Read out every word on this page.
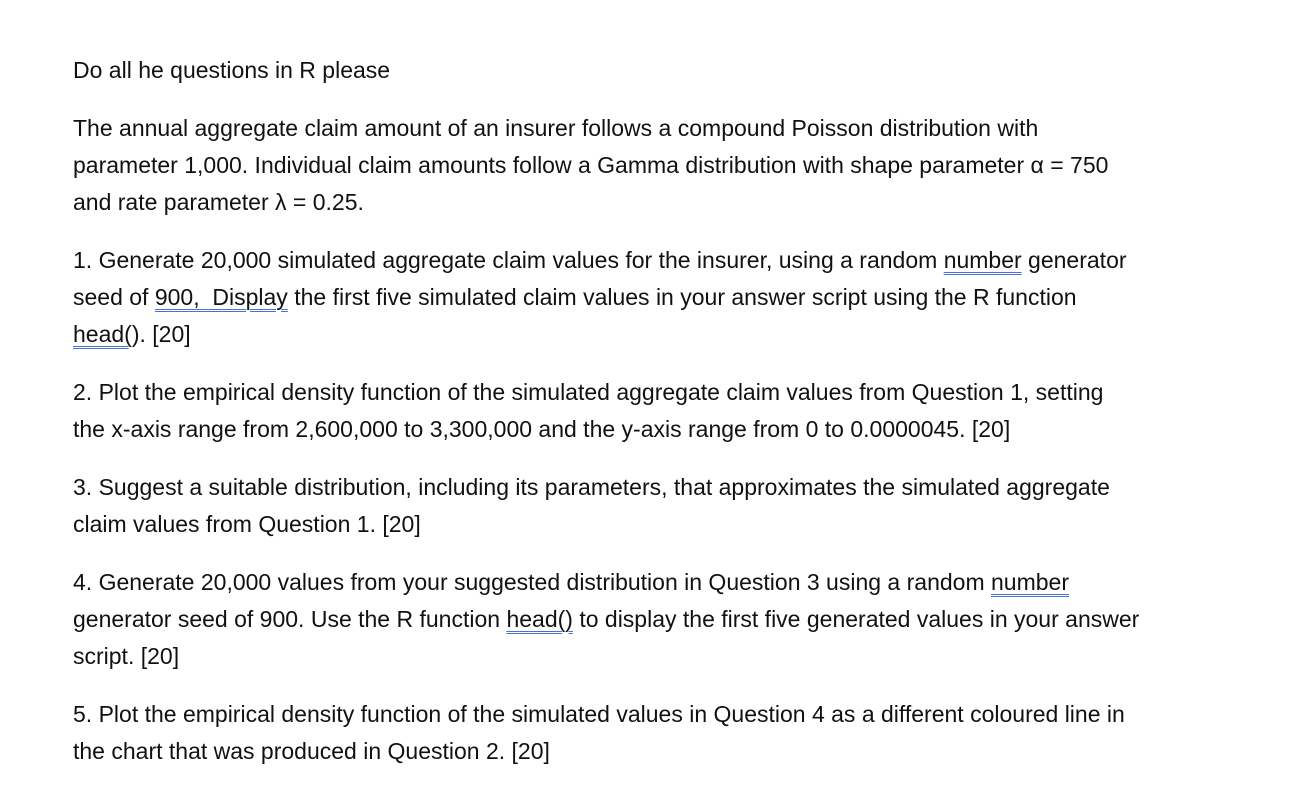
Do all he questions in R please

The annual aggregate claim amount of an insurer follows a compound Poisson distribution with
parameter 1,000. Individual claim amounts follow a Gamma distribution with shape parameter α = 750
and rate parameter λ = 0.25.

1. Generate 20,000 simulated aggregate claim values for the insurer, using a random number generator
seed of 900,  Display the first five simulated claim values in your answer script using the R function
head(). [20]

2. Plot the empirical density function of the simulated aggregate claim values from Question 1, setting
the x-axis range from 2,600,000 to 3,300,000 and the y-axis range from 0 to 0.0000045. [20]

3. Suggest a suitable distribution, including its parameters, that approximates the simulated aggregate
claim values from Question 1. [20]

4. Generate 20,000 values from your suggested distribution in Question 3 using a random number
generator seed of 900. Use the R function head() to display the first five generated values in your answer
script. [20]

5. Plot the empirical density function of the simulated values in Question 4 as a different coloured line in
the chart that was produced in Question 2. [20]
